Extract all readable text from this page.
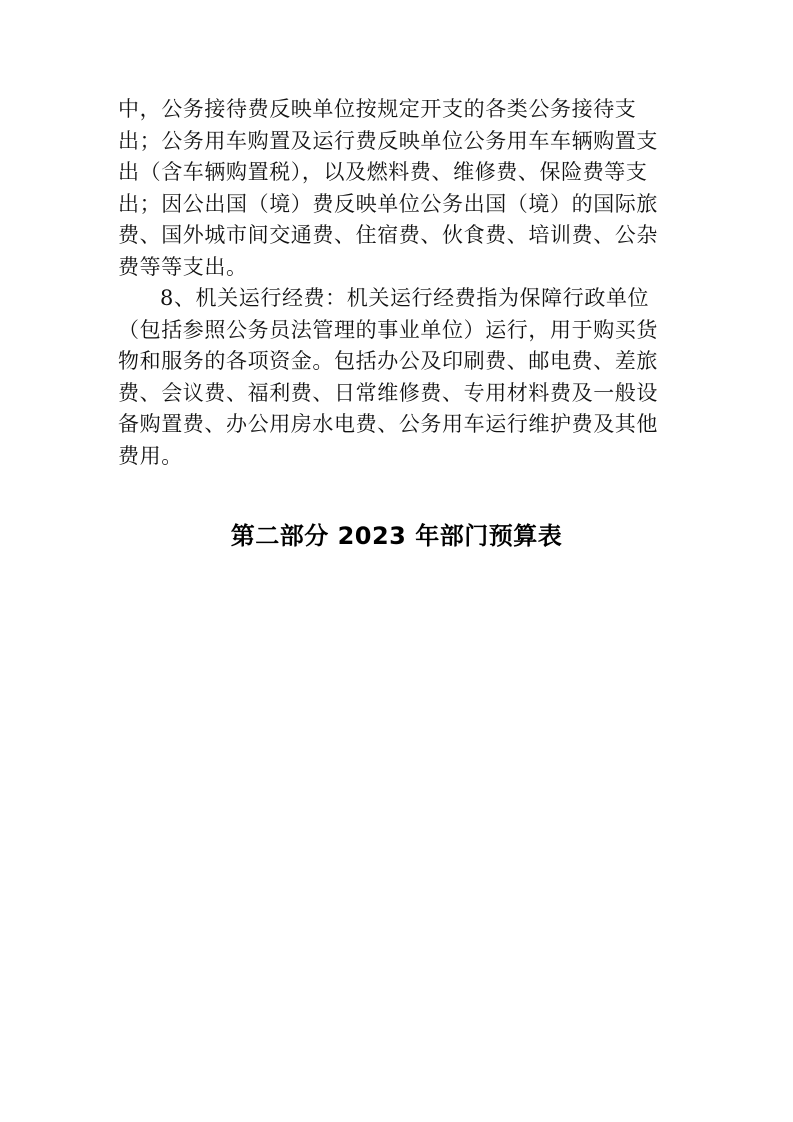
中，公务接待费反映单位按规定开支的各类公务接待支
出；公务用车购置及运行费反映单位公务用车车辆购置支
出（含车辆购置税），以及燃料费、维修费、保险费等支
出；因公出国（境）费反映单位公务出国（境）的国际旅
费、国外城市间交通费、住宿费、伙食费、培训费、公杂
费等等支出。
8、机关运行经费：机关运行经费指为保障行政单位
（包括参照公务员法管理的事业单位）运行，用于购买货
物和服务的各项资金。包括办公及印刷费、邮电费、差旅
费、会议费、福利费、日常维修费、专用材料费及一般设
备购置费、办公用房水电费、公务用车运行维护费及其他
费用。
第二部分 2023 年部门预算表
